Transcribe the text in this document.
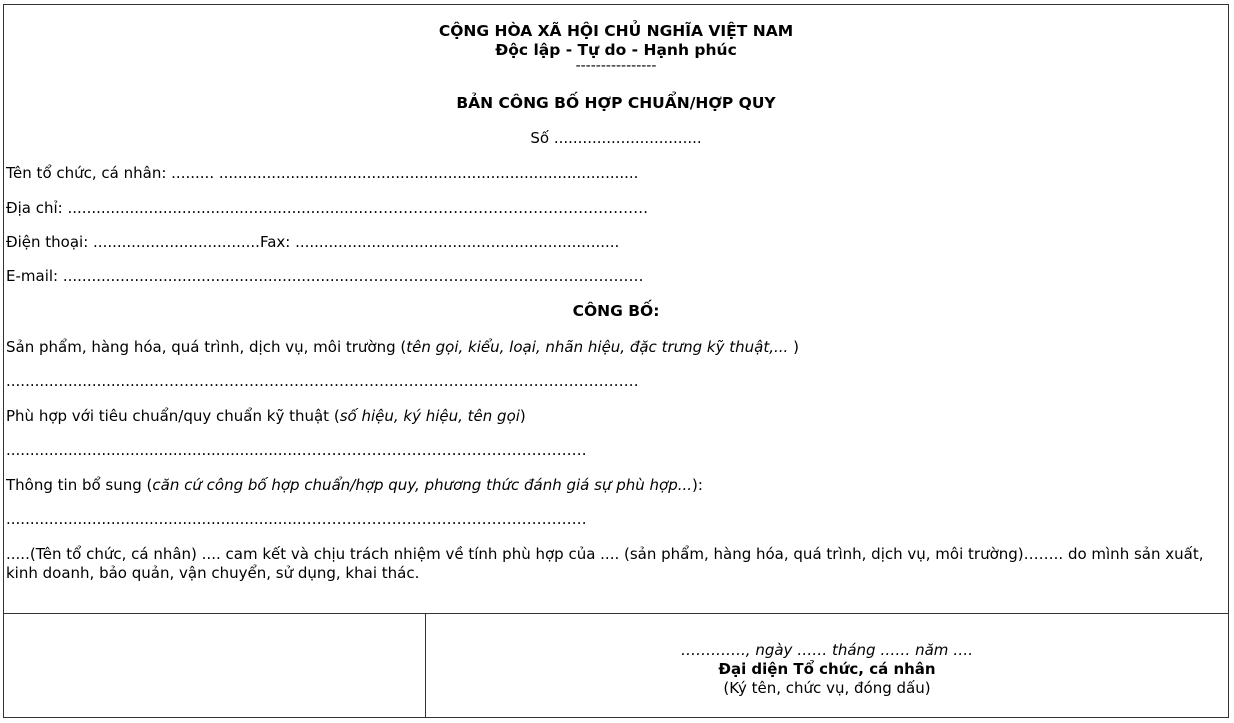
CỘNG HÒA XÃ HỘI CHỦ NGHĨA VIỆT NAM
Độc lập - Tự do - Hạnh phúc
----------------
BẢN CÔNG BỐ HỢP CHUẨN/HỢP QUY
Số ...............................
Tên tổ chức, cá nhân: ......... ........................................................................................
Địa chỉ: ..............................................................…………………………………………………
Điện thoại: ...................................Fax: ....................................................................
E-mail: ..............................................................…………………………………………………
CÔNG BỐ:
Sản phẩm, hàng hóa, quá trình, dịch vụ, môi trường (tên gọi, kiểu, loại, nhãn hiệu, đặc trưng kỹ thuật,... )
..............................…………………………………………..…………………………………………
Phù hợp với tiêu chuẩn/quy chuẩn kỹ thuật (số hiệu, ký hiệu, tên gọi)
..............................................................…………………………………………………
Thông tin bổ sung (căn cứ công bố hợp chuẩn/hợp quy, phương thức đánh giá sự phù hợp...):
..............................................................…………………………………………………
.....(Tên tổ chức, cá nhân) .... cam kết và chịu trách nhiệm về tính phù hợp của .... (sản phẩm, hàng hóa, quá trình, dịch vụ, môi trường)…….. do mình sản xuất, kinh doanh, bảo quản, vận chuyển, sử dụng, khai thác.
…………., ngày …… tháng …… năm ….
Đại diện Tổ chức, cá nhân
(Ký tên, chức vụ, đóng dấu)
